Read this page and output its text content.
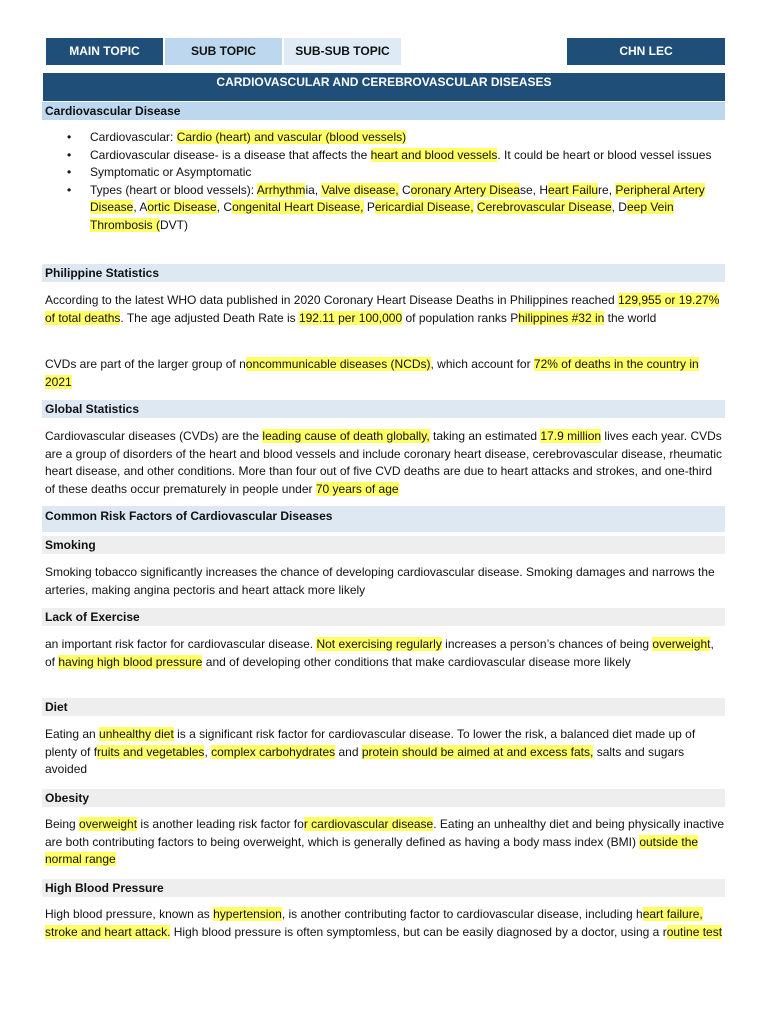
MAIN TOPIC	SUB TOPIC	SUB-SUB TOPIC	CHN LEC
CARDIOVASCULAR AND CEREBROVASCULAR DISEASES
Cardiovascular Disease
• Cardiovascular: Cardio (heart) and vascular (blood vessels)
• Cardiovascular disease- is a disease that affects the heart and blood vessels. It could be heart or blood vessel issues
• Symptomatic or Asymptomatic
• Types (heart or blood vessels): Arrhythmia, Valve disease, Coronary Artery Disease, Heart Failure, Peripheral Artery Disease, Aortic Disease, Congenital Heart Disease, Pericardial Disease, Cerebrovascular Disease, Deep Vein Thrombosis (DVT)
Philippine Statistics
According to the latest WHO data published in 2020 Coronary Heart Disease Deaths in Philippines reached 129,955 or 19.27% of total deaths. The age adjusted Death Rate is 192.11 per 100,000 of population ranks Philippines #32 in the world
CVDs are part of the larger group of noncommunicable diseases (NCDs), which account for 72% of deaths in the country in 2021
Global Statistics
Cardiovascular diseases (CVDs) are the leading cause of death globally, taking an estimated 17.9 million lives each year. CVDs are a group of disorders of the heart and blood vessels and include coronary heart disease, cerebrovascular disease, rheumatic heart disease, and other conditions. More than four out of five CVD deaths are due to heart attacks and strokes, and one-third of these deaths occur prematurely in people under 70 years of age
Common Risk Factors of Cardiovascular Diseases
Smoking
Smoking tobacco significantly increases the chance of developing cardiovascular disease. Smoking damages and narrows the arteries, making angina pectoris and heart attack more likely
Lack of Exercise
an important risk factor for cardiovascular disease. Not exercising regularly increases a person’s chances of being overweight, of having high blood pressure and of developing other conditions that make cardiovascular disease more likely
Diet
Eating an unhealthy diet is a significant risk factor for cardiovascular disease. To lower the risk, a balanced diet made up of plenty of fruits and vegetables, complex carbohydrates and protein should be aimed at and excess fats, salts and sugars avoided
Obesity
Being overweight is another leading risk factor for cardiovascular disease. Eating an unhealthy diet and being physically inactive are both contributing factors to being overweight, which is generally defined as having a body mass index (BMI) outside the normal range
High Blood Pressure
High blood pressure, known as hypertension, is another contributing factor to cardiovascular disease, including heart failure, stroke and heart attack. High blood pressure is often symptomless, but can be easily diagnosed by a doctor, using a routine test
